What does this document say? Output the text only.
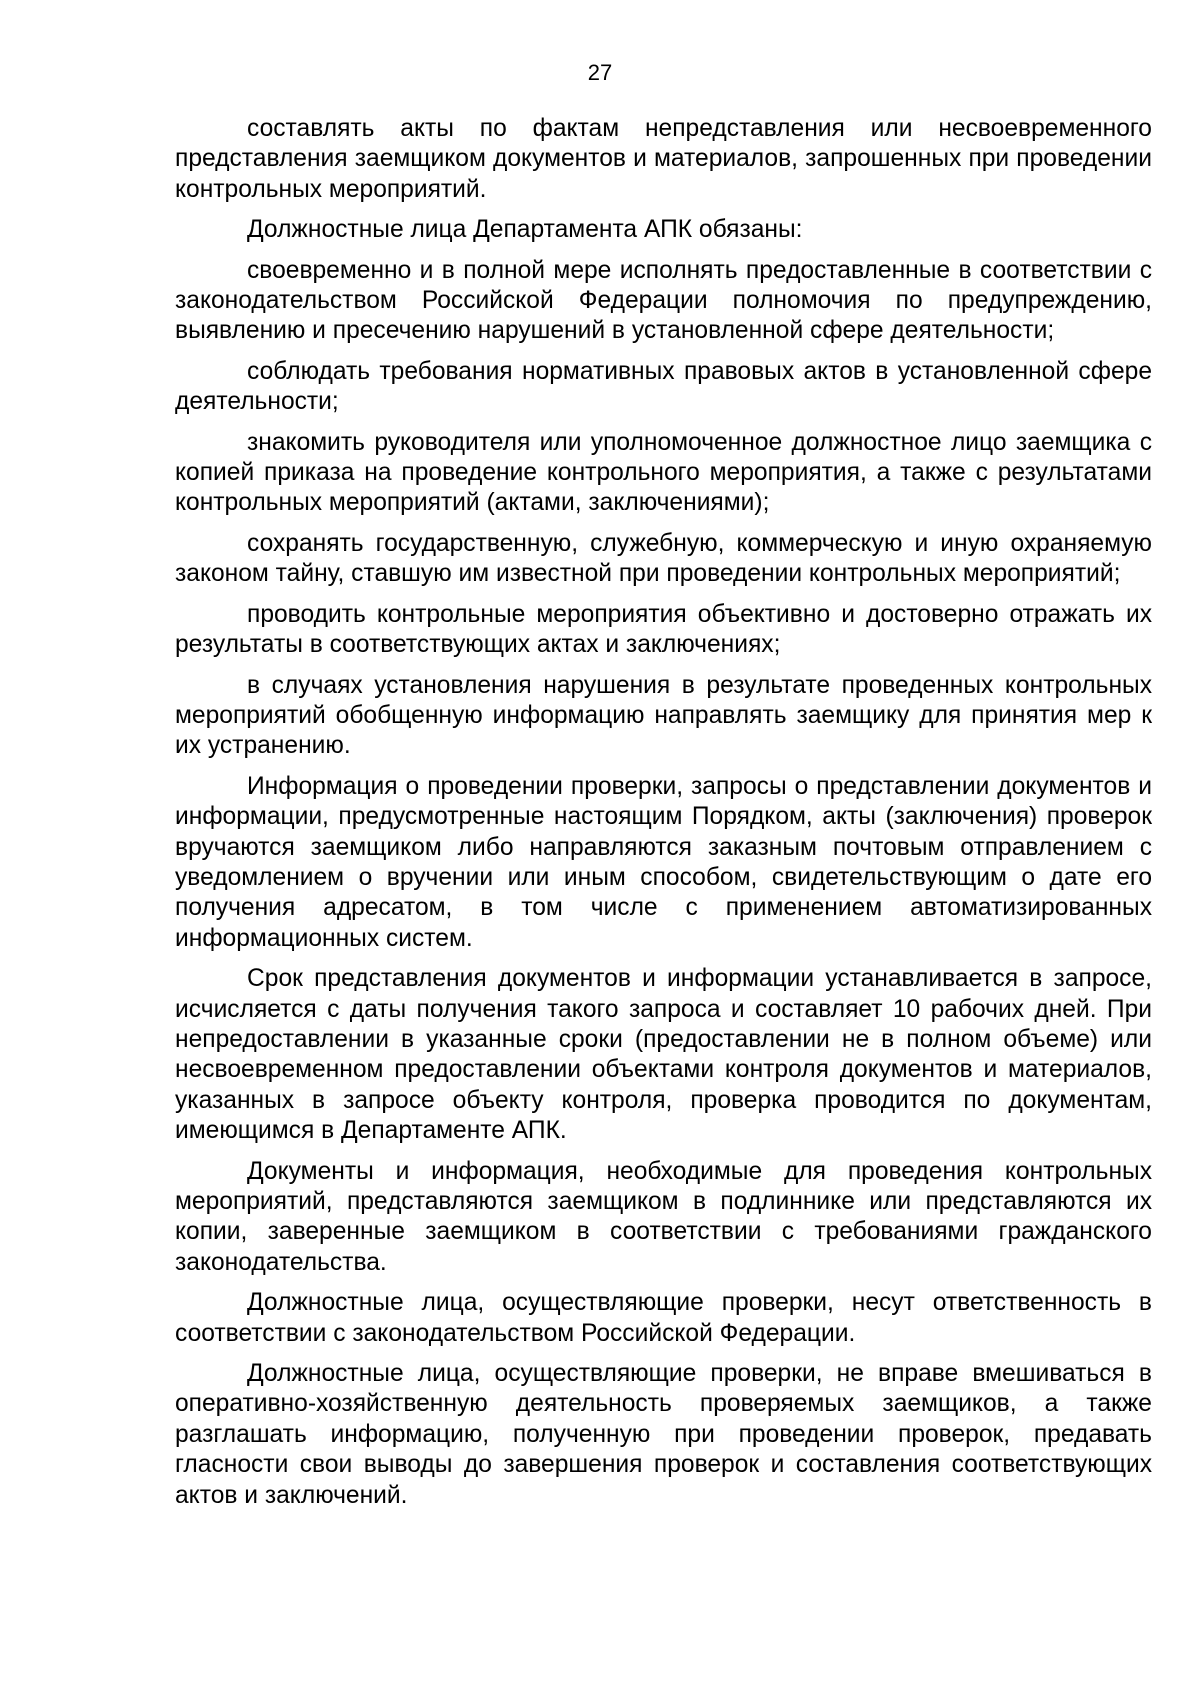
27

составлять акты по фактам непредставления или несвоевременного представления заемщиком документов и материалов, запрошенных при проведении контрольных мероприятий.

Должностные лица Департамента АПК обязаны:

своевременно и в полной мере исполнять предоставленные в соответствии с законодательством Российской Федерации полномочия по предупреждению, выявлению и пресечению нарушений в установленной сфере деятельности;

соблюдать требования нормативных правовых актов в установленной сфере деятельности;

знакомить руководителя или уполномоченное должностное лицо заемщика с копией приказа на проведение контрольного мероприятия, а также с результатами контрольных мероприятий (актами, заключениями);

сохранять государственную, служебную, коммерческую и иную охраняемую законом тайну, ставшую им известной при проведении контрольных мероприятий;

проводить контрольные мероприятия объективно и достоверно отражать их результаты в соответствующих актах и заключениях;

в случаях установления нарушения в результате проведенных контрольных мероприятий обобщенную информацию направлять заемщику для принятия мер к их устранению.

Информация о проведении проверки, запросы о представлении документов и информации, предусмотренные настоящим Порядком, акты (заключения) проверок вручаются заемщиком либо направляются заказным почтовым отправлением с уведомлением о вручении или иным способом, свидетельствующим о дате его получения адресатом, в том числе с применением автоматизированных информационных систем.

Срок представления документов и информации устанавливается в запросе, исчисляется с даты получения такого запроса и составляет 10 рабочих дней. При непредоставлении в указанные сроки (предоставлении не в полном объеме) или несвоевременном предоставлении объектами контроля документов и материалов, указанных в запросе объекту контроля, проверка проводится по документам, имеющимся в Департаменте АПК.

Документы и информация, необходимые для проведения контрольных мероприятий, представляются заемщиком в подлиннике или представляются их копии, заверенные заемщиком в соответствии с требованиями гражданского законодательства.

Должностные лица, осуществляющие проверки, несут ответственность в соответствии с законодательством Российской Федерации.

Должностные лица, осуществляющие проверки, не вправе вмешиваться в оперативно-хозяйственную деятельность проверяемых заемщиков, а также разглашать информацию, полученную при проведении проверок, предавать гласности свои выводы до завершения проверок и составления соответствующих актов и заключений.
